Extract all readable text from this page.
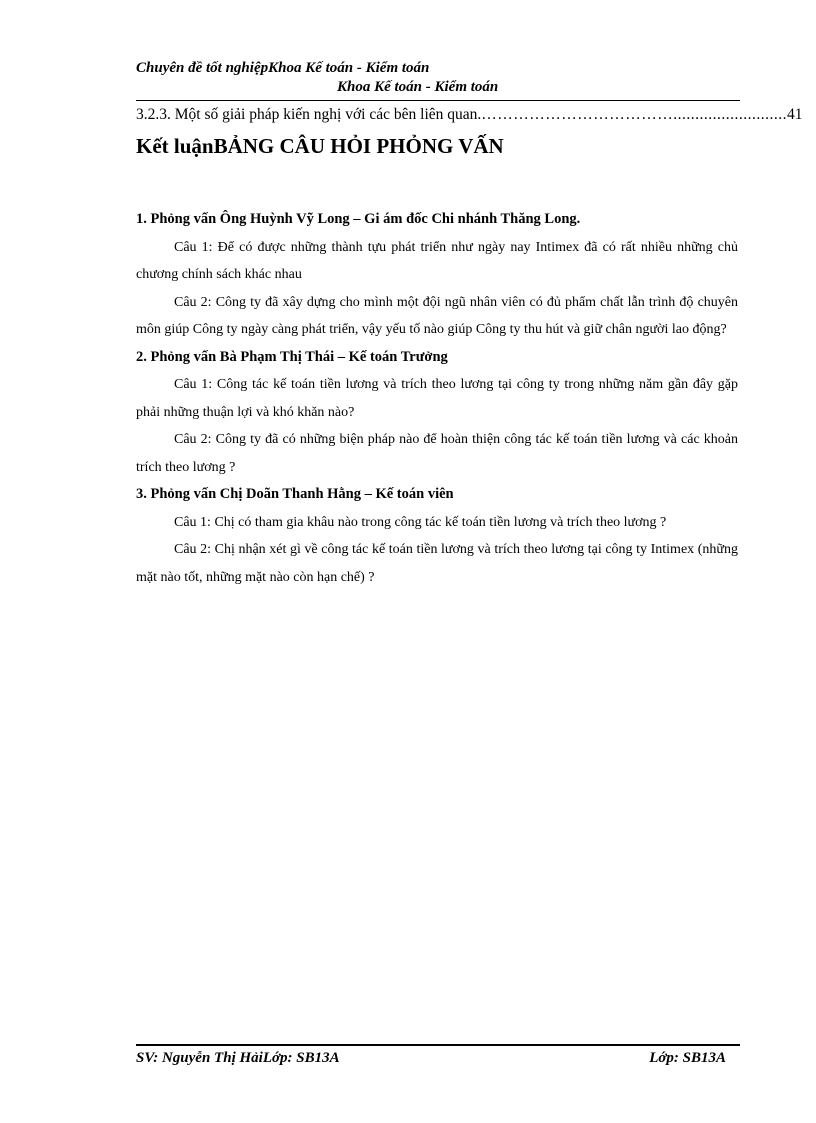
Chuyên đề tốt nghiệpKhoa Kế toán - Kiểm toán
Khoa Kế toán - Kiểm toán
3.2.3. Một số giải pháp kiến nghị với các bên liên quan. ……………………………….......................... 41
Kết luậnBẢNG CÂU HỎI PHỎNG VẤN

1. Phỏng vấn Ông Huỳnh Vỹ Long – Gi ám đốc Chi nhánh Thăng Long.

Câu 1: Để có được những thành tựu phát triển như ngày nay Intimex đã có rất nhiều những chủ chương chính sách khác nhau

Câu 2: Công ty đã xây dựng cho mình một đội ngũ nhân viên có đủ phẩm chất lẫn trình độ chuyên môn giúp Công ty ngày càng phát triển, vậy yếu tố nào giúp Công ty thu hút và giữ chân người lao động?

2. Phỏng vấn Bà Phạm Thị Thái – Kế toán Trưởng

Câu 1: Công tác kế toán tiền lương và trích theo lương tại công ty trong những năm gần đây gặp phải những thuận lợi và khó khăn nào?

Câu 2: Công ty đã có những biện pháp nào để hoàn thiện công tác kế toán tiền lương và các khoản trích theo lương ?

3. Phỏng vấn Chị Doãn Thanh Hằng – Kế toán viên

Câu 1: Chị có tham gia khâu nào trong công tác kế toán tiền lương và trích theo lương ?

Câu 2: Chị nhận xét gì về công tác kế toán tiền lương và trích theo lương tại công ty Intimex (những mặt nào tốt, những mặt nào còn hạn chế) ?

SV: Nguyễn Thị HảiLớp: SB13A	Lớp: SB13A
